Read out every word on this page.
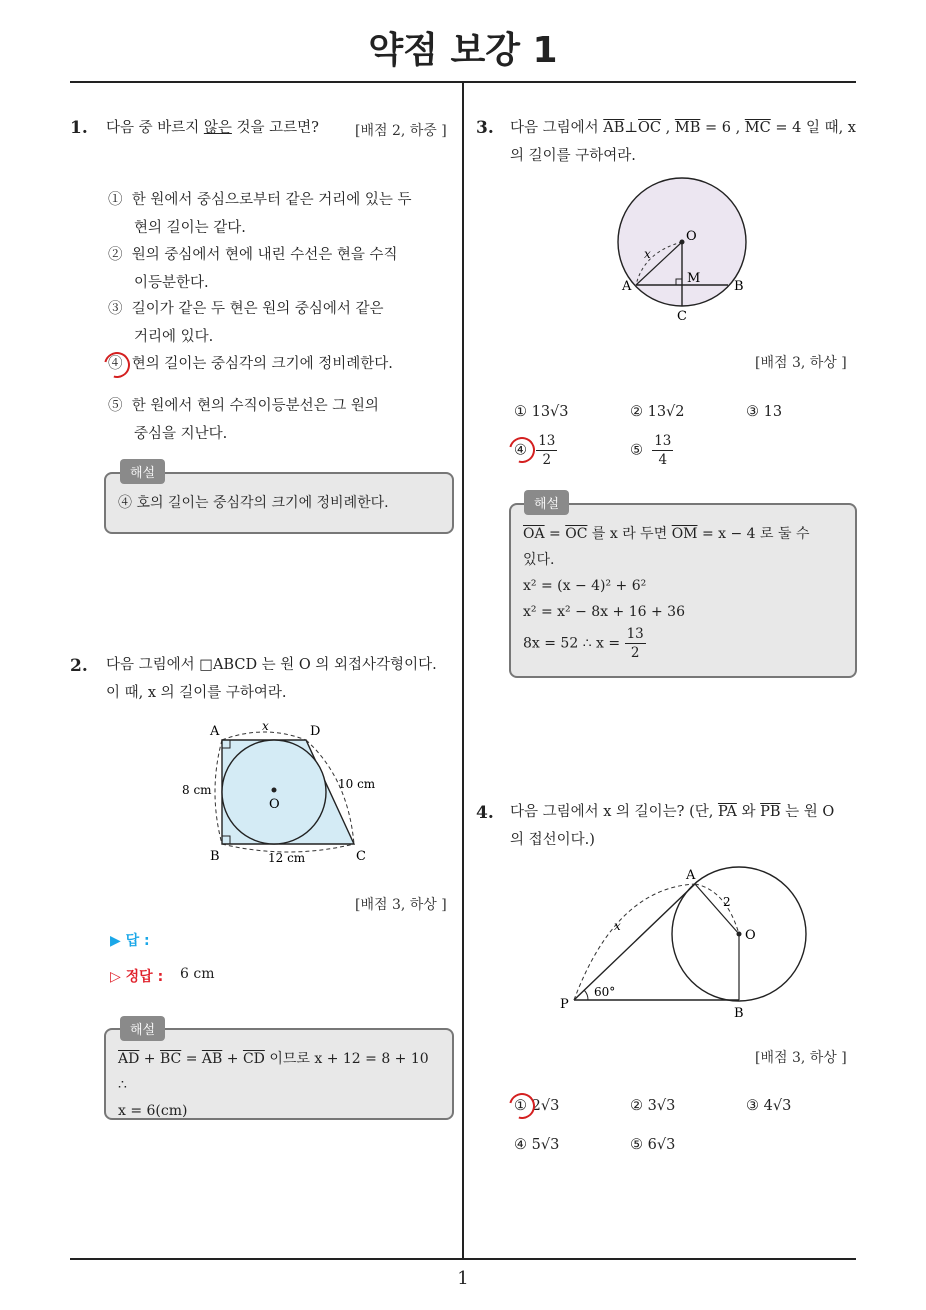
약점 보강 1
1
1. 다음 중 바르지 않은 것을 고르면?	[배점 2, 하중 ]
① 한 원에서 중심으로부터 같은 거리에 있는 두
현의 길이는 같다.
② 원의 중심에서 현에 내린 수선은 현을 수직
이등분한다.
③ 길이가 같은 두 현은 원의 중심에서 같은
거리에 있다.
④ 현의 길이는 중심각의 크기에 정비례한다.
⑤ 한 원에서 현의 수직이등분선은 그 원의
중심을 지난다.
④ 호의 길이는 중심각의 크기에 정비례한다.
해설
2. 다음 그림에서 □ABCD 는 원 O 의 외접사각형이다.
이 때, x 의 길이를 구하여라.
A	D
B	C
O
x
8 cm	10 cm
12 cm
[배점 3, 하상 ]
▶ 답 :
▷ 정답 : 6 cm
$\overline{AD} + \overline{BC} = \overline{AB} + \overline{CD}$ 이므로 x + 12 = 8 + 10 ∴
x = 6(cm)
해설
3. 다음 그림에서 $\overline{AB}\perp\overline{OC}$ , $\overline{MB} = 6$ , $\overline{MC} = 4$ 일 때, x
의 길이를 구하여라.
O
A	B
C
M
x
[배점 3, 하상 ]
① 13√3	② 13√2	③ 13
④ $\frac{13}{2}$	⑤ $\frac{13}{4}$
$\overline{OA} = \overline{OC}$ 를 x 라 두면 $\overline{OM} = x - 4$ 로 둘 수
있다.
x² = (x − 4)² + 6²
x² = x² − 8x + 16 + 36
8x = 52 ∴ $x = \frac{13}{2}$
해설
4. 다음 그림에서 x 의 길이는? (단, $\overline{PA}$ 와 $\overline{PB}$ 는 원 O
의 접선이다.)
A
O
P
B
x
2
60°
[배점 3, 하상 ]
① 2√3	② 3√3	③ 4√3
④ 5√3	⑤ 6√3
